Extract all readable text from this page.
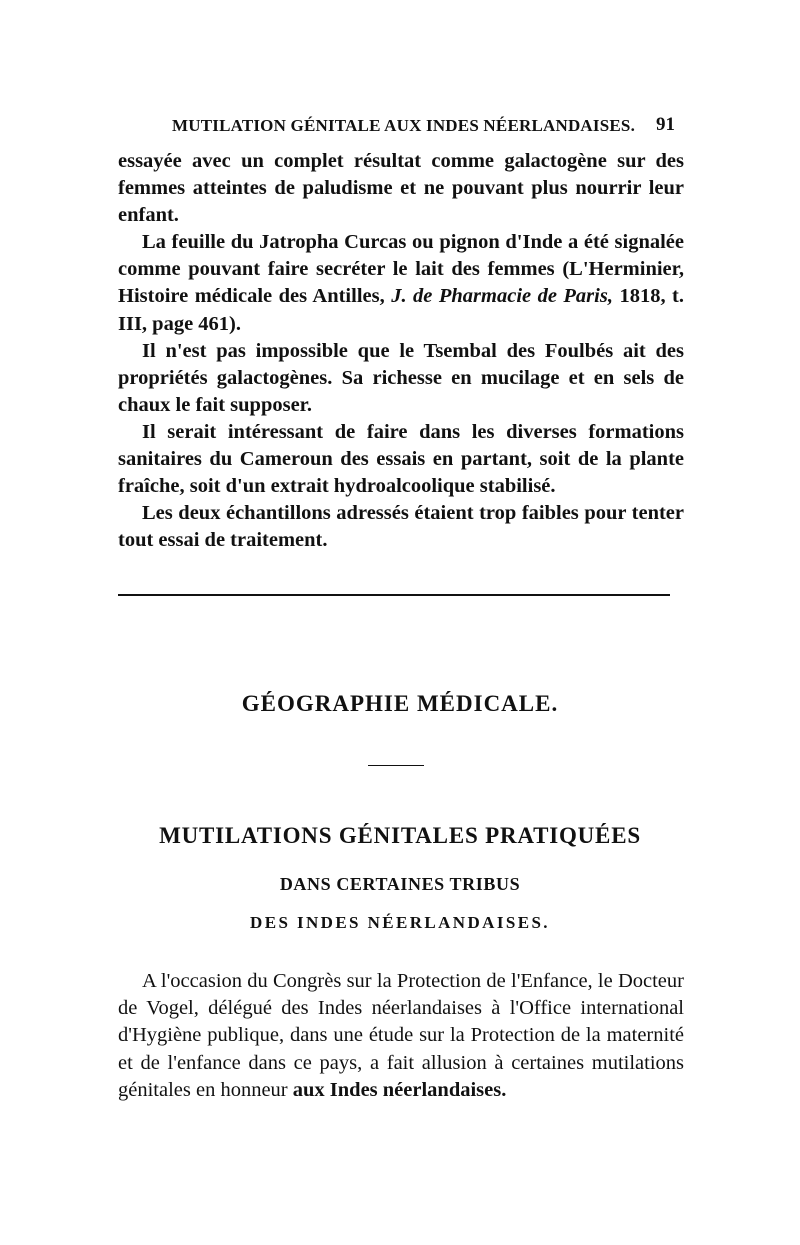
MUTILATION GÉNITALE AUX INDES NÉERLANDAISES. 91

essayée avec un complet résultat comme galactogène sur des femmes atteintes de paludisme et ne pouvant plus nourrir leur enfant.

La feuille du Jatropha Curcas ou pignon d'Inde a été signalée comme pouvant faire secréter le lait des femmes (L'Herminier, Histoire médicale des Antilles, J. de Pharmacie de Paris, 1818, t. III, page 461).

Il n'est pas impossible que le Tsembal des Foulbés ait des propriétés galactogènes. Sa richesse en mucilage et en sels de chaux le fait supposer.

Il serait intéressant de faire dans les diverses formations sanitaires du Cameroun des essais en partant, soit de la plante fraîche, soit d'un extrait hydroalcoolique stabilisé.

Les deux échantillons adressés étaient trop faibles pour tenter tout essai de traitement.

GÉOGRAPHIE MÉDICALE.
MUTILATIONS GÉNITALES PRATIQUÉES
DANS CERTAINES TRIBUS
DES INDES NÉERLANDAISES.

A l'occasion du Congrès sur la Protection de l'Enfance, le Docteur de Vogel, délégué des Indes néerlandaises à l'Office international d'Hygiène publique, dans une étude sur la Protection de la maternité et de l'enfance dans ce pays, a fait allusion à certaines mutilations génitales en honneur aux Indes néerlandaises.
